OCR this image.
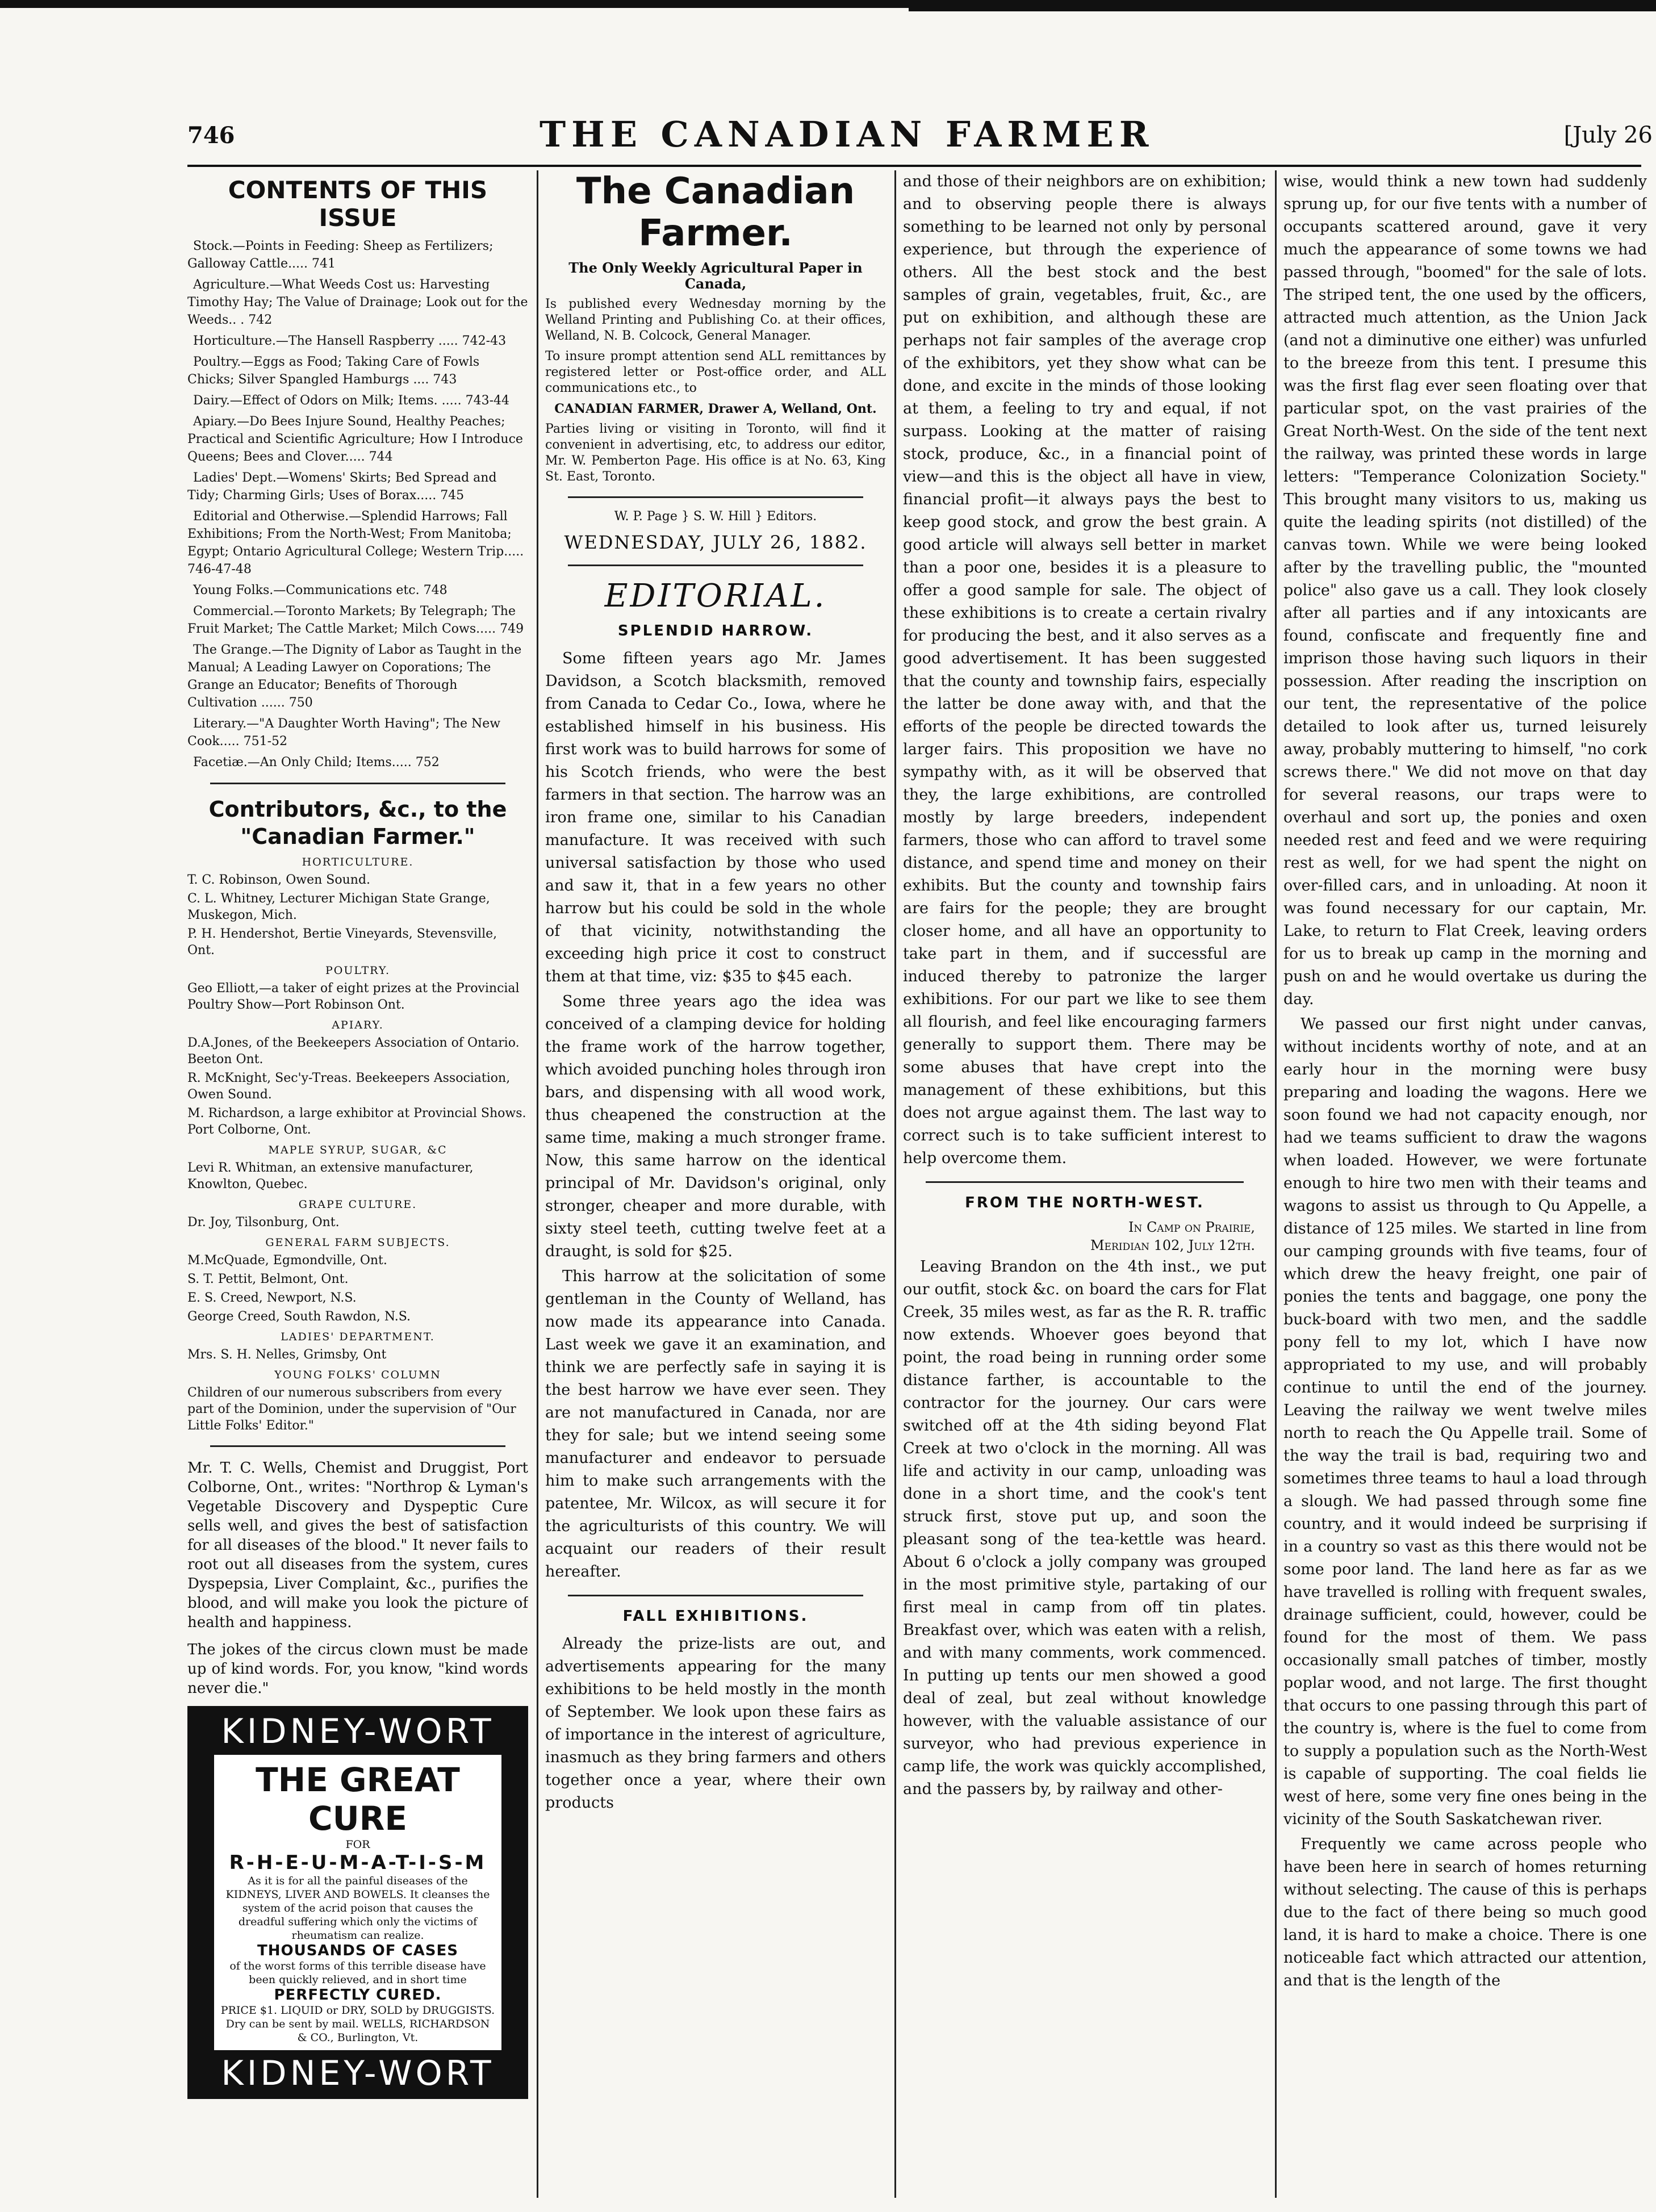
746	THE CANADIAN FARMER	[July 26
CONTENTS OF THIS ISSUE

Stock.—Points in Feeding: Sheep as Fertilizers; Galloway Cattle..... 741

Agriculture.—What Weeds Cost us: Harvesting Timothy Hay; The Value of Drainage; Look out for the Weeds.. . 742

Horticulture.—The Hansell Raspberry ..... 742-43

Poultry.—Eggs as Food; Taking Care of Fowls Chicks; Silver Spangled Hamburgs .... 743

Dairy.—Effect of Odors on Milk; Items. ..... 743-44

Apiary.—Do Bees Injure Sound, Healthy Peaches; Practical and Scientific Agriculture; How I Introduce Queens; Bees and Clover..... 744

Ladies' Dept.—Womens' Skirts; Bed Spread and Tidy; Charming Girls; Uses of Borax..... 745

Editorial and Otherwise.—Splendid Harrows; Fall Exhibitions; From the North-West; From Manitoba; Egypt; Ontario Agricultural College; Western Trip..... 746-47-48

Young Folks.—Communications etc. 748

Commercial.—Toronto Markets; By Telegraph; The Fruit Market; The Cattle Market; Milch Cows..... 749

The Grange.—The Dignity of Labor as Taught in the Manual; A Leading Lawyer on Coporations; The Grange an Educator; Benefits of Thorough Cultivation ...... 750

Literary.—"A Daughter Worth Having"; The New Cook..... 751-52

Facetiæ.—An Only Child; Items..... 752

Contributors, &c., to the "Canadian Farmer."
HORTICULTURE.

T. C. Robinson, Owen Sound.

C. L. Whitney, Lecturer Michigan State Grange, Muskegon, Mich.

P. H. Hendershot, Bertie Vineyards, Stevensville, Ont.

POULTRY.

Geo Elliott,—a taker of eight prizes at the Provincial Poultry Show—Port Robinson Ont.

APIARY.

D.A.Jones, of the Beekeepers Association of Ontario. Beeton Ont.

R. McKnight, Sec'y-Treas. Beekeepers Association, Owen Sound.

M. Richardson, a large exhibitor at Provincial Shows. Port Colborne, Ont.

MAPLE SYRUP, SUGAR, &C

Levi R. Whitman, an extensive manufacturer, Knowlton, Quebec.

GRAPE CULTURE.

Dr. Joy, Tilsonburg, Ont.

GENERAL FARM SUBJECTS.

M.McQuade, Egmondville, Ont.

S. T. Pettit, Belmont, Ont.

E. S. Creed, Newport, N.S.

George Creed, South Rawdon, N.S.

LADIES' DEPARTMENT.

Mrs. S. H. Nelles, Grimsby, Ont

YOUNG FOLKS' COLUMN

Children of our numerous subscribers from every part of the Dominion, under the supervision of "Our Little Folks' Editor."

Mr. T. C. Wells, Chemist and Druggist, Port Colborne, Ont., writes: "Northrop & Lyman's Vegetable Discovery and Dyspeptic Cure sells well, and gives the best of satisfaction for all diseases of the blood." It never fails to root out all diseases from the system, cures Dyspepsia, Liver Complaint, &c., purifies the blood, and will make you look the picture of health and happiness.

The jokes of the circus clown must be made up of kind words. For, you know, "kind words never die."

KIDNEY-WORT
THE GREAT CURE
FOR
R-H-E-U-M-A-T-I-S-M
As it is for all the painful diseases of the KIDNEYS, LIVER AND BOWELS. It cleanses the system of the acrid poison that causes the dreadful suffering which only the victims of rheumatism can realize.
THOUSANDS OF CASES
of the worst forms of this terrible disease have been quickly relieved, and in short time
PERFECTLY CURED.
PRICE $1. LIQUID or DRY, SOLD by DRUGGISTS. Dry can be sent by mail. WELLS, RICHARDSON & CO., Burlington, Vt.
KIDNEY-WORT
The Canadian Farmer.
The Only Weekly Agricultural Paper in Canada,

Is published every Wednesday morning by the Welland Printing and Publishing Co. at their offices, Welland, N. B. Colcock, General Manager.

To insure prompt attention send ALL remittances by registered letter or Post-office order, and ALL communications etc., to

CANADIAN FARMER, Drawer A, Welland, Ont.

Parties living or visiting in Toronto, will find it convenient in advertising, etc, to address our editor, Mr. W. Pemberton Page. His office is at No. 63, King St. East, Toronto.

W. P. Page } S. W. Hill } Editors.
WEDNESDAY, JULY 26, 1882.
EDITORIAL.
SPLENDID HARROW.

Some fifteen years ago Mr. James Davidson, a Scotch blacksmith, removed from Canada to Cedar Co., Iowa, where he established himself in his business. His first work was to build harrows for some of his Scotch friends, who were the best farmers in that section. The harrow was an iron frame one, similar to his Canadian manufacture. It was received with such universal satisfaction by those who used and saw it, that in a few years no other harrow but his could be sold in the whole of that vicinity, notwithstanding the exceeding high price it cost to construct them at that time, viz: $35 to $45 each.

Some three years ago the idea was conceived of a clamping device for holding the frame work of the harrow together, which avoided punching holes through iron bars, and dispensing with all wood work, thus cheapened the construction at the same time, making a much stronger frame. Now, this same harrow on the identical principal of Mr. Davidson's original, only stronger, cheaper and more durable, with sixty steel teeth, cutting twelve feet at a draught, is sold for $25.

This harrow at the solicitation of some gentleman in the County of Welland, has now made its appearance into Canada. Last week we gave it an examination, and think we are perfectly safe in saying it is the best harrow we have ever seen. They are not manufactured in Canada, nor are they for sale; but we intend seeing some manufacturer and endeavor to persuade him to make such arrangements with the patentee, Mr. Wilcox, as will secure it for the agriculturists of this country. We will acquaint our readers of their result hereafter.

FALL EXHIBITIONS.

Already the prize-lists are out, and advertisements appearing for the many exhibitions to be held mostly in the month of September. We look upon these fairs as of importance in the interest of agriculture, inasmuch as they bring farmers and others together once a year, where their own products

and those of their neighbors are on exhibition; and to observing people there is always something to be learned not only by personal experience, but through the experience of others. All the best stock and the best samples of grain, vegetables, fruit, &c., are put on exhibition, and although these are perhaps not fair samples of the average crop of the exhibitors, yet they show what can be done, and excite in the minds of those looking at them, a feeling to try and equal, if not surpass. Looking at the matter of raising stock, produce, &c., in a financial point of view—and this is the object all have in view, financial profit—it always pays the best to keep good stock, and grow the best grain. A good article will always sell better in market than a poor one, besides it is a pleasure to offer a good sample for sale. The object of these exhibitions is to create a certain rivalry for producing the best, and it also serves as a good advertisement. It has been suggested that the county and township fairs, especially the latter be done away with, and that the efforts of the people be directed towards the larger fairs. This proposition we have no sympathy with, as it will be observed that they, the large exhibitions, are controlled mostly by large breeders, independent farmers, those who can afford to travel some distance, and spend time and money on their exhibits. But the county and township fairs are fairs for the people; they are brought closer home, and all have an opportunity to take part in them, and if successful are induced thereby to patronize the larger exhibitions. For our part we like to see them all flourish, and feel like encouraging farmers generally to support them. There may be some abuses that have crept into the management of these exhibitions, but this does not argue against them. The last way to correct such is to take sufficient interest to help overcome them.

FROM THE NORTH-WEST.
In Camp on Prairie,
Meridian 102, July 12th.

Leaving Brandon on the 4th inst., we put our outfit, stock &c. on board the cars for Flat Creek, 35 miles west, as far as the R. R. traffic now extends. Whoever goes beyond that point, the road being in running order some distance farther, is accountable to the contractor for the journey. Our cars were switched off at the 4th siding beyond Flat Creek at two o'clock in the morning. All was life and activity in our camp, unloading was done in a short time, and the cook's tent struck first, stove put up, and soon the pleasant song of the tea-kettle was heard. About 6 o'clock a jolly company was grouped in the most primitive style, partaking of our first meal in camp from off tin plates. Breakfast over, which was eaten with a relish, and with many comments, work commenced. In putting up tents our men showed a good deal of zeal, but zeal without knowledge however, with the valuable assistance of our surveyor, who had previous experience in camp life, the work was quickly accomplished, and the passers by, by railway and other-

wise, would think a new town had suddenly sprung up, for our five tents with a number of occupants scattered around, gave it very much the appearance of some towns we had passed through, "boomed" for the sale of lots. The striped tent, the one used by the officers, attracted much attention, as the Union Jack (and not a diminutive one either) was unfurled to the breeze from this tent. I presume this was the first flag ever seen floating over that particular spot, on the vast prairies of the Great North-West. On the side of the tent next the railway, was printed these words in large letters: "Temperance Colonization Society." This brought many visitors to us, making us quite the leading spirits (not distilled) of the canvas town. While we were being looked after by the travelling public, the "mounted police" also gave us a call. They look closely after all parties and if any intoxicants are found, confiscate and frequently fine and imprison those having such liquors in their possession. After reading the inscription on our tent, the representative of the police detailed to look after us, turned leisurely away, probably muttering to himself, "no cork screws there." We did not move on that day for several reasons, our traps were to overhaul and sort up, the ponies and oxen needed rest and feed and we were requiring rest as well, for we had spent the night on over-filled cars, and in unloading. At noon it was found necessary for our captain, Mr. Lake, to return to Flat Creek, leaving orders for us to break up camp in the morning and push on and he would overtake us during the day.

We passed our first night under canvas, without incidents worthy of note, and at an early hour in the morning were busy preparing and loading the wagons. Here we soon found we had not capacity enough, nor had we teams sufficient to draw the wagons when loaded. However, we were fortunate enough to hire two men with their teams and wagons to assist us through to Qu Appelle, a distance of 125 miles. We started in line from our camping grounds with five teams, four of which drew the heavy freight, one pair of ponies the tents and baggage, one pony the buck-board with two men, and the saddle pony fell to my lot, which I have now appropriated to my use, and will probably continue to until the end of the journey. Leaving the railway we went twelve miles north to reach the Qu Appelle trail. Some of the way the trail is bad, requiring two and sometimes three teams to haul a load through a slough. We had passed through some fine country, and it would indeed be surprising if in a country so vast as this there would not be some poor land. The land here as far as we have travelled is rolling with frequent swales, drainage sufficient, could, however, could be found for the most of them. We pass occasionally small patches of timber, mostly poplar wood, and not large. The first thought that occurs to one passing through this part of the country is, where is the fuel to come from to supply a population such as the North-West is capable of supporting. The coal fields lie west of here, some very fine ones being in the vicinity of the South Saskatchewan river.

Frequently we came across people who have been here in search of homes returning without selecting. The cause of this is perhaps due to the fact of there being so much good land, it is hard to make a choice. There is one noticeable fact which attracted our attention, and that is the length of the
